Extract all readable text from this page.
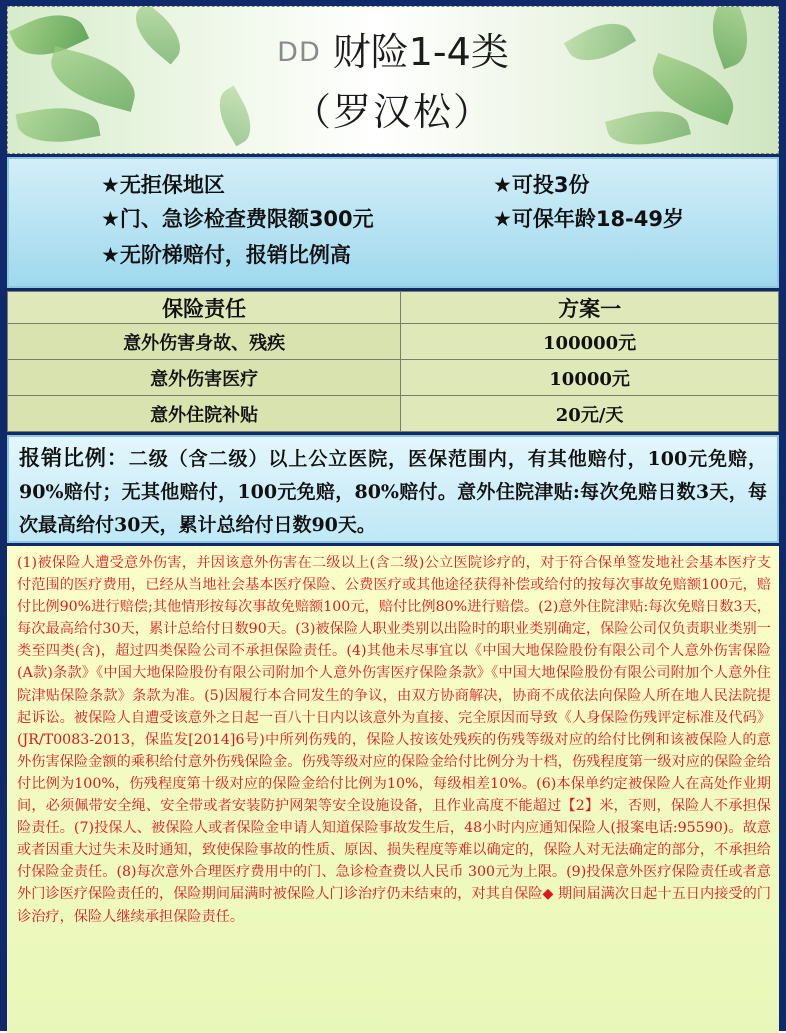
DD 财险1-4类
（罗汉松）
★无拒保地区	★可投3份
★门、急诊检查费限额300元	★可保年龄18-49岁
★无阶梯赔付，报销比例高
保险责任	方案一
意外伤害身故、残疾	100000元
意外伤害医疗	10000元
意外住院补贴	20元/天
报销比例：二级（含二级）以上公立医院，医保范围内，有其他赔付，100元免赔，90%赔付；无其他赔付，100元免赔，80%赔付。意外住院津贴:每次免赔日数3天，每次最高给付30天，累计总给付日数90天。
(1)被保险人遭受意外伤害，并因该意外伤害在二级以上(含二级)公立医院诊疗的，对于符合保单签发地社会基本医疗支付范围的医疗费用，已经从当地社会基本医疗保险、公费医疗或其他途径获得补偿或给付的按每次事故免赔额100元，赔付比例90%进行赔偿;其他情形按每次事故免赔额100元，赔付比例80%进行赔偿。(2)意外住院津贴:每次免赔日数3天，每次最高给付30天，累计总给付日数90天。(3)被保险人职业类别以出险时的职业类别确定，保险公司仅负责职业类别一类至四类(含)，超过四类保险公司不承担保险责任。(4)其他未尽事宜以《中国大地保险股份有限公司个人意外伤害保险(A款)条款》《中国大地保险股份有限公司附加个人意外伤害医疗保险条款》《中国大地保险股份有限公司附加个人意外住院津贴保险条款》条款为准。(5)因履行本合同发生的争议，由双方协商解决，协商不成依法向保险人所在地人民法院提起诉讼。被保险人自遭受该意外之日起一百八十日内以该意外为直接、完全原因而导致《人身保险伤残评定标准及代码》(JR/T0083-2013，保监发[2014]6号)中所列伤残的，保险人按该处残疾的伤残等级对应的给付比例和该被保险人的意外伤害保险金额的乘积给付意外伤残保险金。伤残等级对应的保险金给付比例分为十档，伤残程度第一级对应的保险金给付比例为100%，伤残程度第十级对应的保险金给付比例为10%，每级相差10%。(6)本保单约定被保险人在高处作业期间，必须佩带安全绳、安全带或者安装防护网架等安全设施设备，且作业高度不能超过【2】米，否则，保险人不承担保险责任。(7)投保人、被保险人或者保险金申请人知道保险事故发生后，48小时内应通知保险人(报案电话:95590)。故意或者因重大过失未及时通知，致使保险事故的性质、原因、损失程度等难以确定的，保险人对无法确定的部分，不承担给付保险金责任。(8)每次意外合理医疗费用中的门、急诊检查费以人民币 300元为上限。(9)投保意外医疗保险责任或者意外门诊医疗保险责任的，保险期间届满时被保险人门诊治疗仍未结束的，对其自保险◆ 期间届满次日起十五日内接受的门诊治疗，保险人继续承担保险责任。
